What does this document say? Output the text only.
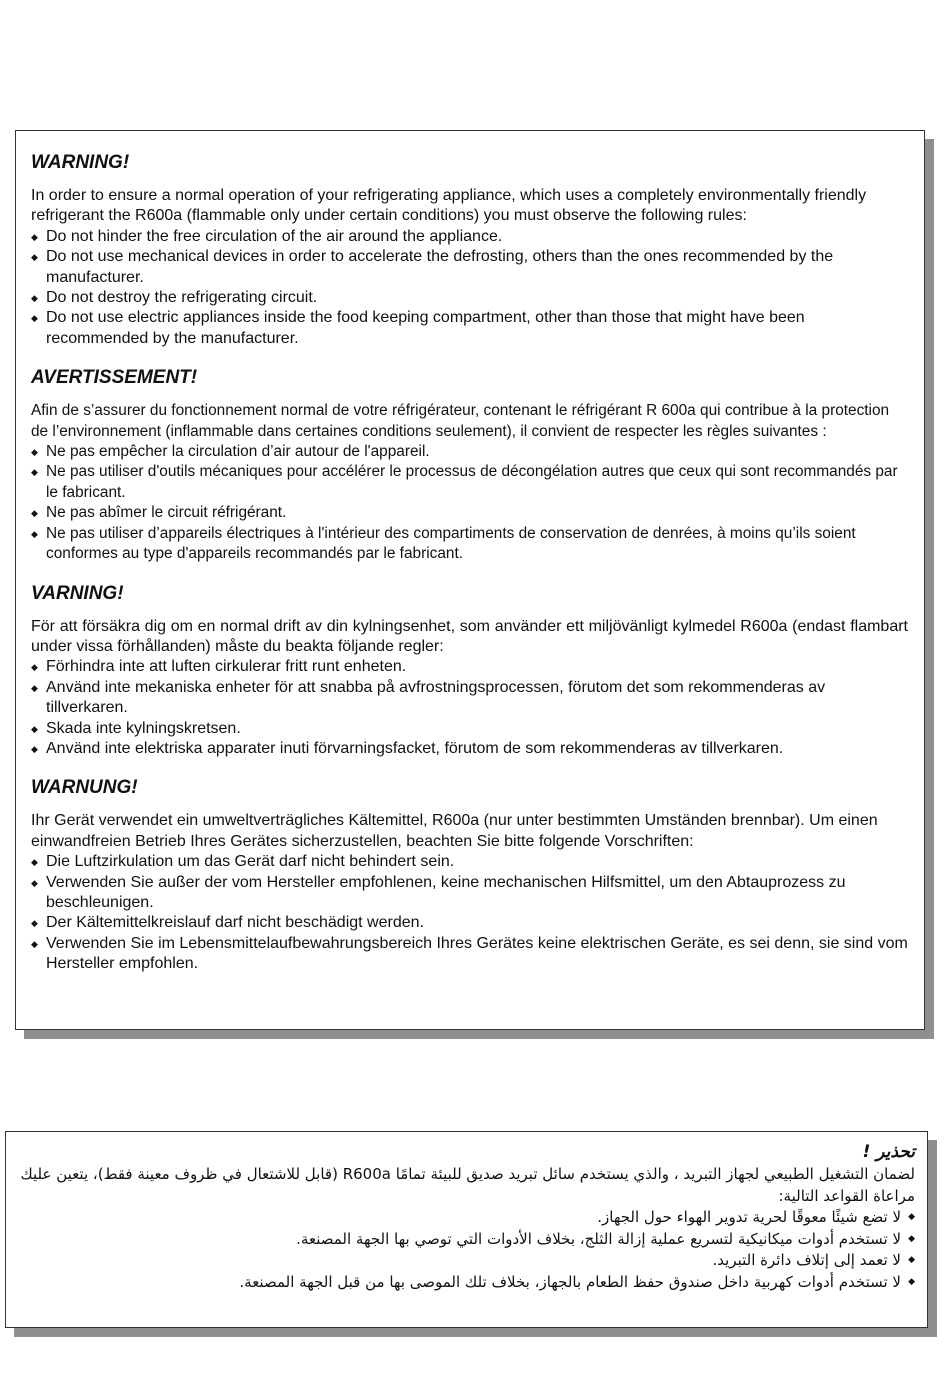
WARNING!

In order to ensure a normal operation of your refrigerating appliance, which uses a completely environmentally friendly refrigerant the R600a (flammable only under certain conditions) you must observe the following rules:

◆ Do not hinder the free circulation of the air around the appliance.
◆ Do not use mechanical devices in order to accelerate the defrosting, others than the ones recommended by the manufacturer.
◆ Do not destroy the refrigerating circuit.
◆ Do not use electric appliances inside the food keeping compartment, other than those that might have been recommended by the manufacturer.
AVERTISSEMENT!

Afin de s’assurer du fonctionnement normal de votre réfrigérateur, contenant le réfrigérant R 600a qui contribue à la protection de l’environnement (inflammable dans certaines conditions seulement), il convient de respecter les règles suivantes :

◆ Ne pas empêcher la circulation d’air autour de l'appareil.
◆ Ne pas utiliser d'outils mécaniques pour accélérer le processus de décongélation autres que ceux qui sont recommandés par le fabricant.
◆ Ne pas abîmer le circuit réfrigérant.
◆ Ne pas utiliser d’appareils électriques à l'intérieur des compartiments de conservation de denrées, à moins qu’ils soient conformes au type d'appareils recommandés par le fabricant.
VARNING!

För att försäkra dig om en normal drift av din kylningsenhet, som använder ett miljövänligt kylmedel R600a (endast flambart under vissa förhållanden) måste du beakta följande regler:

◆ Förhindra inte att luften cirkulerar fritt runt enheten.
◆ Använd inte mekaniska enheter för att snabba på avfrostningsprocessen, förutom det som rekommenderas av tillverkaren.
◆ Skada inte kylningskretsen.
◆ Använd inte elektriska apparater inuti förvarningsfacket, förutom de som rekommenderas av tillverkaren.
WARNUNG!

Ihr Gerät verwendet ein umweltverträgliches Kältemittel, R600a (nur unter bestimmten Umständen brennbar). Um einen einwandfreien Betrieb Ihres Gerätes sicherzustellen, beachten Sie bitte folgende Vorschriften:

◆ Die Luftzirkulation um das Gerät darf nicht behindert sein.
◆ Verwenden Sie außer der vom Hersteller empfohlenen, keine mechanischen Hilfsmittel, um den Abtauprozess zu beschleunigen.
◆ Der Kältemittelkreislauf darf nicht beschädigt werden.
◆ Verwenden Sie im Lebensmittelaufbewahrungsbereich Ihres Gerätes keine elektrischen Geräte, es sei denn, sie sind vom Hersteller empfohlen.
تحذير !

لضمان التشغيل الطبيعي لجهاز التبريد ، والذي يستخدم سائل تبريد صديق للبيئة تمامًا R600a (قابل للاشتعال في ظروف معينة فقط)، يتعين عليك مراعاة القواعد التالية:

◆
لا تضع شيئًا معوقًا لحرية تدوير الهواء حول الجهاز.
◆
لا تستخدم أدوات ميكانيكية لتسريع عملية إزالة الثلج، بخلاف الأدوات التي توصي بها الجهة المصنعة.
◆
لا تعمد إلى إتلاف دائرة التبريد.
◆
لا تستخدم أدوات كهربية داخل صندوق حفظ الطعام بالجهاز، بخلاف تلك الموصى بها من قبل الجهة المصنعة.
